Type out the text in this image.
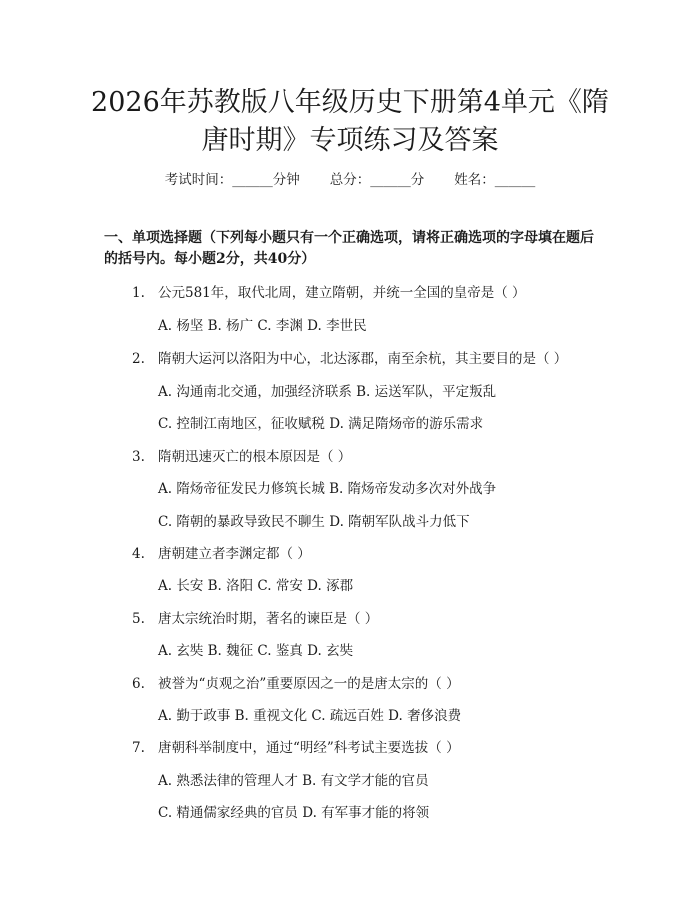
2026年苏教版八年级历史下册第4单元《隋
唐时期》专项练习及答案
考试时间：______分钟 总分：______分 姓名：______

一、单项选择题（下列每小题只有一个正确选项，请将正确选项的字母填在题后的括号内。每小题2分，共40分）

1. 公元581年，取代北周，建立隋朝，并统一全国的皇帝是（ ）
A. 杨坚 B. 杨广 C. 李渊 D. 李世民
2. 隋朝大运河以洛阳为中心，北达涿郡，南至余杭，其主要目的是（ ）
A. 沟通南北交通，加强经济联系 B. 运送军队，平定叛乱
C. 控制江南地区，征收赋税 D. 满足隋炀帝的游乐需求
3. 隋朝迅速灭亡的根本原因是（ ）
A. 隋炀帝征发民力修筑长城 B. 隋炀帝发动多次对外战争
C. 隋朝的暴政导致民不聊生 D. 隋朝军队战斗力低下
4. 唐朝建立者李渊定都（ ）
A. 长安 B. 洛阳 C. 常安 D. 涿郡
5. 唐太宗统治时期，著名的谏臣是（ ）
A. 玄奘 B. 魏征 C. 鉴真 D. 玄奘
6. 被誉为“贞观之治”重要原因之一的是唐太宗的（ ）
A. 勤于政事 B. 重视文化 C. 疏远百姓 D. 奢侈浪费
7. 唐朝科举制度中，通过“明经”科考试主要选拔（ ）
A. 熟悉法律的管理人才 B. 有文学才能的官员
C. 精通儒家经典的官员 D. 有军事才能的将领
